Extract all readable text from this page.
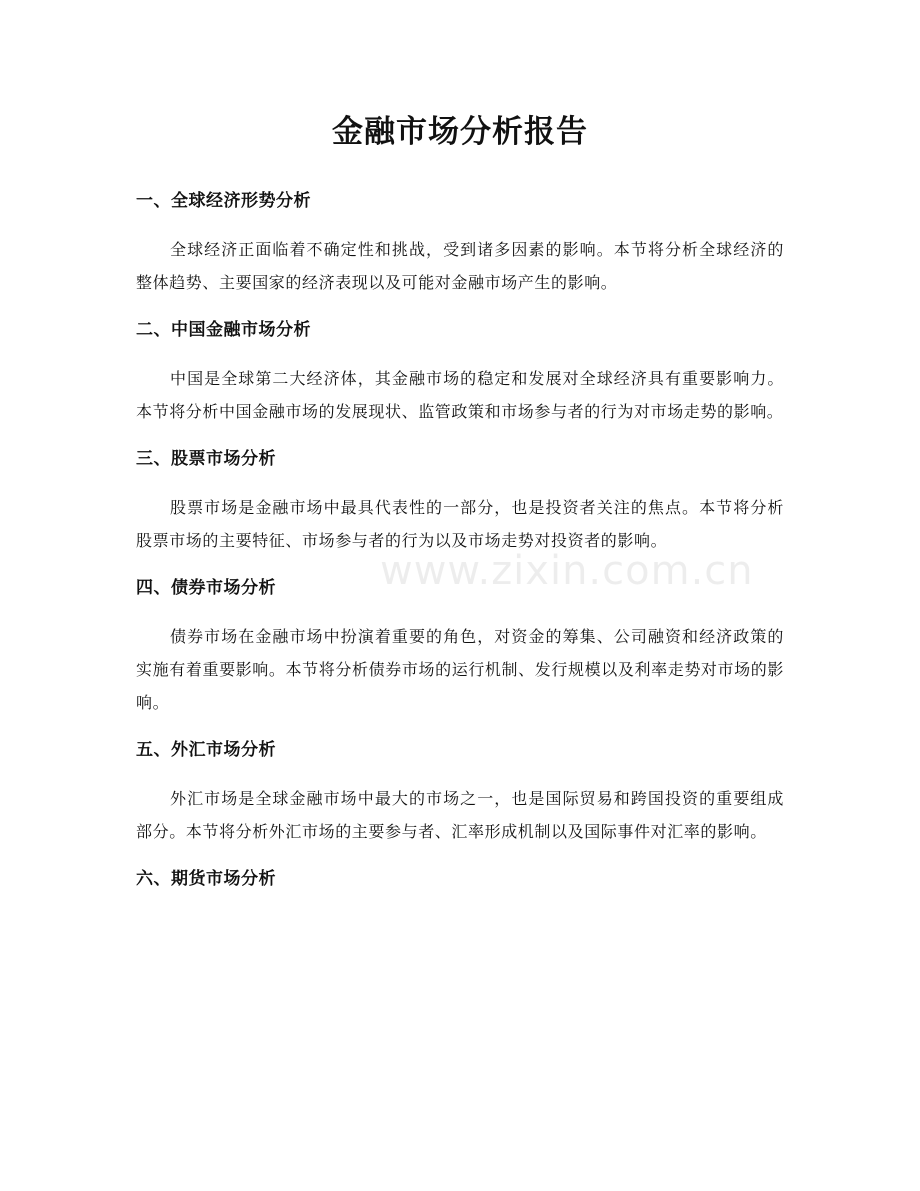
金融市场分析报告
www.zixin.com.cn
一、全球经济形势分析

全球经济正面临着不确定性和挑战，受到诸多因素的影响。本节将分析全球经济的整体趋势、主要国家的经济表现以及可能对金融市场产生的影响。

二、中国金融市场分析

中国是全球第二大经济体，其金融市场的稳定和发展对全球经济具有重要影响力。本节将分析中国金融市场的发展现状、监管政策和市场参与者的行为对市场走势的影响。

三、股票市场分析

股票市场是金融市场中最具代表性的一部分，也是投资者关注的焦点。本节将分析股票市场的主要特征、市场参与者的行为以及市场走势对投资者的影响。

四、债券市场分析

债券市场在金融市场中扮演着重要的角色，对资金的筹集、公司融资和经济政策的实施有着重要影响。本节将分析债券市场的运行机制、发行规模以及利率走势对市场的影响。

五、外汇市场分析

外汇市场是全球金融市场中最大的市场之一，也是国际贸易和跨国投资的重要组成部分。本节将分析外汇市场的主要参与者、汇率形成机制以及国际事件对汇率的影响。

六、期货市场分析
